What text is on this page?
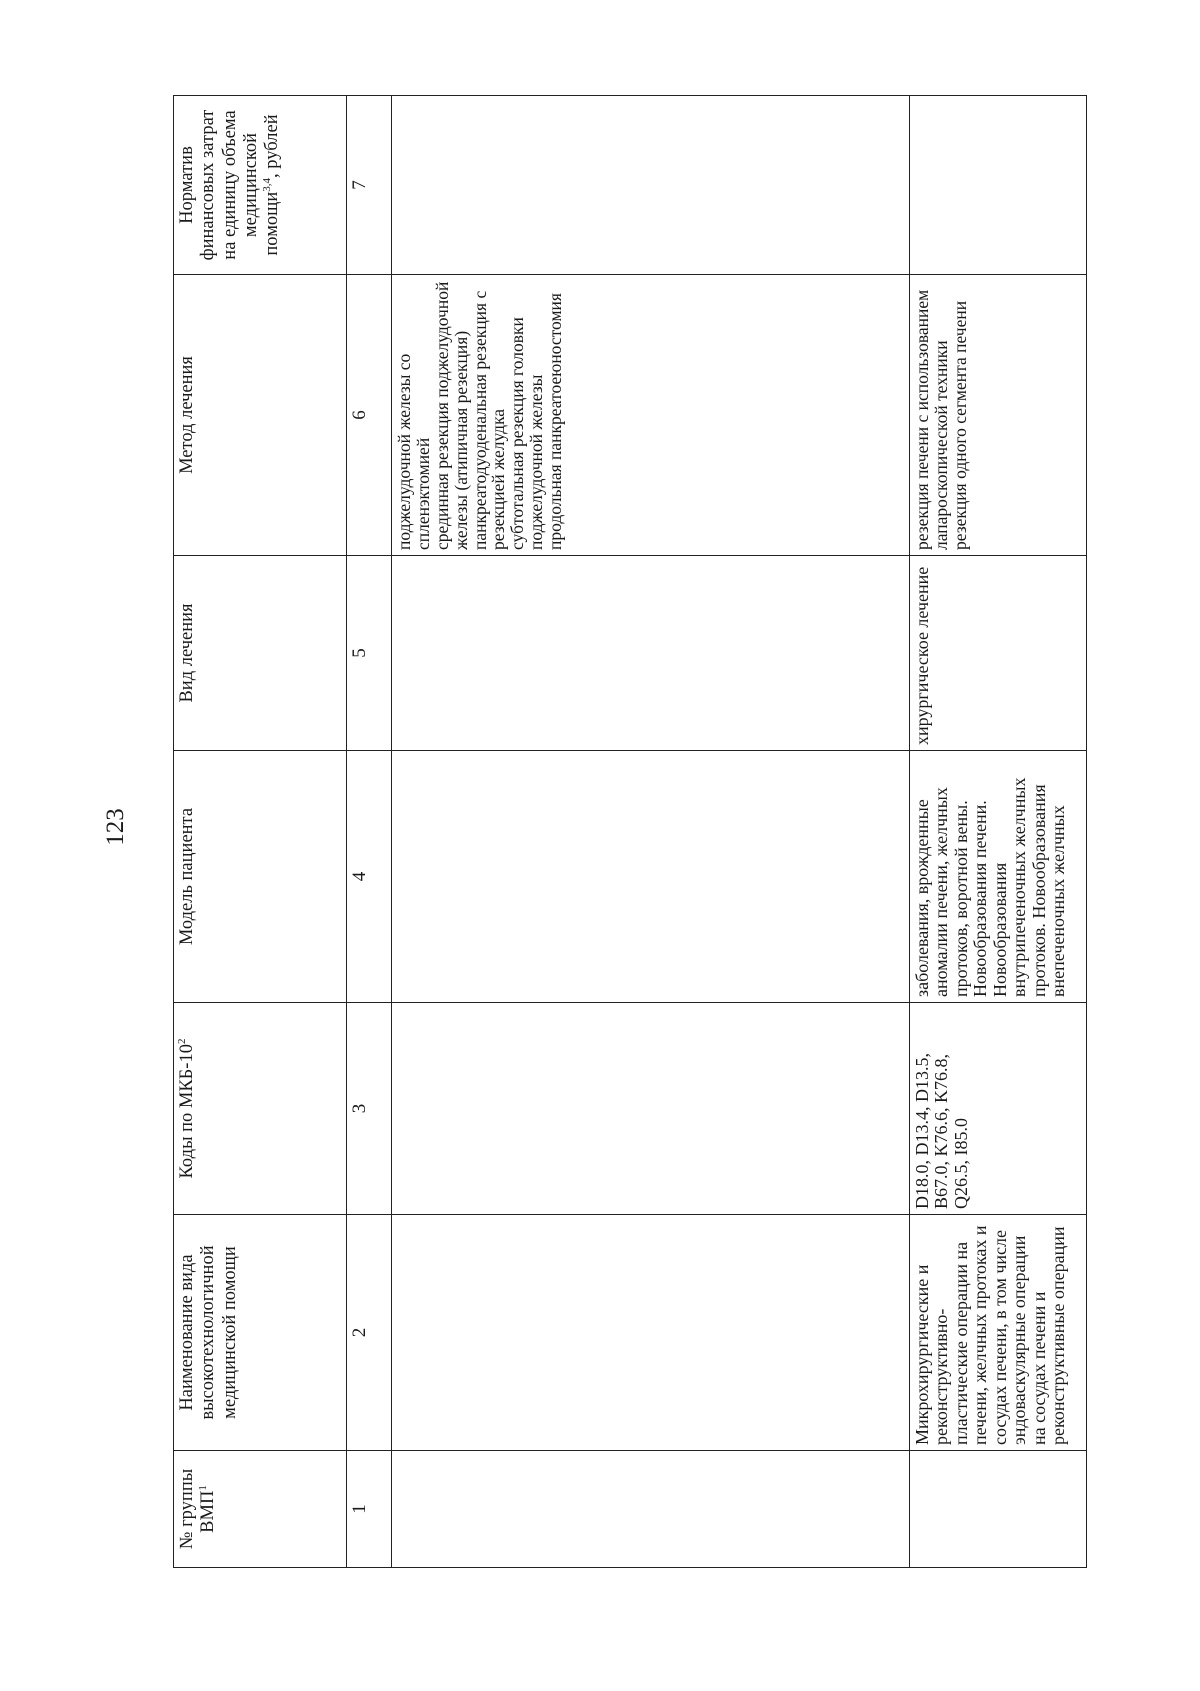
123
№ группы ВМП$^1$	Наименование вида высокотехнологичной медицинской помощи	Коды по МКБ-$10^2$	Модель пациента	Вид лечения	Метод лечения	Норматив финансовых затрат на единицу объема медицинской помощи$^{3,4}$, рублей
1	2	3	4	5	6	7

					поджелудочной железы со спленэктомией
срединная резекция поджелудочной железы (атипичная резекция)
панкреатодуоденальная резекция с резекцией желудка
субтотальная резекция головки поджелудочной железы
продольная панкреатоеюностомия	

	Микрохирургические и реконструктивно-пластические операции на печени, желчных протоках и сосудах печени, в том числе эндоваскулярные операции на сосудах печени и реконструктивные операции	D18.0, D13.4, D13.5, B67.0, K76.6, K76.8, Q26.5, I85.0	заболевания, врожденные аномалии печени, желчных протоков, воротной вены. Новообразования печени. Новообразования внутрипеченочных желчных протоков. Новообразования внепеченочных желчных	хирургическое лечение	резекция печени с использованием лапароскопической техники
резекция одного сегмента печени	
